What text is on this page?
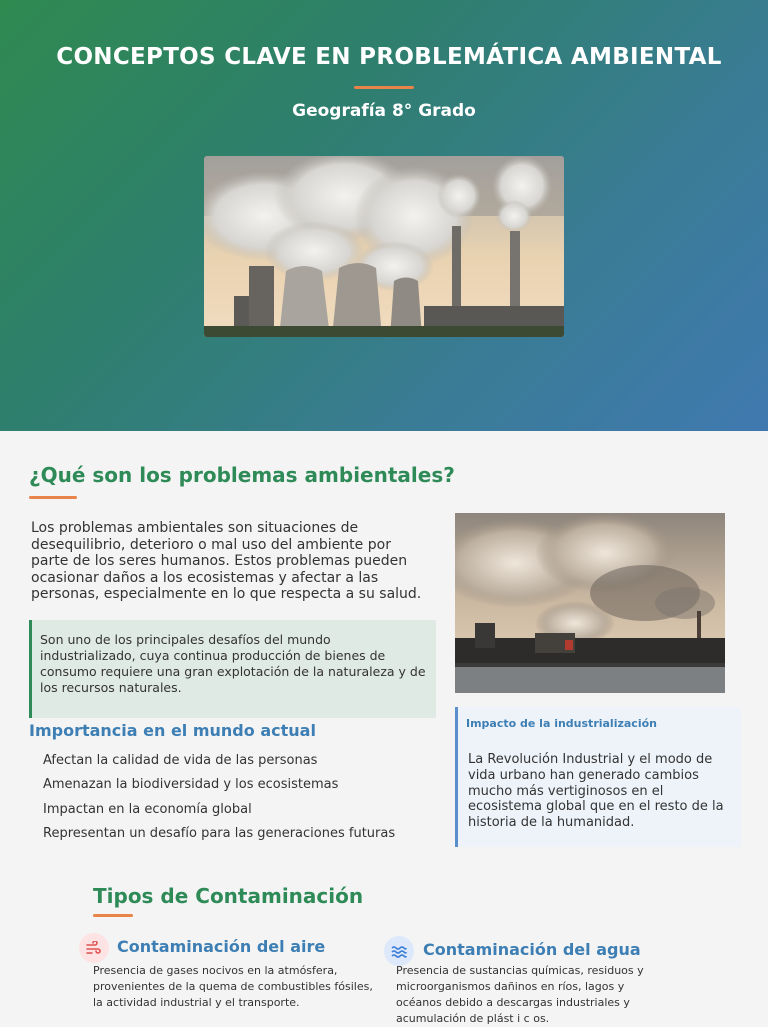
CONCEPTOS CLAVE EN PROBLEMÁTICA AMBIENTAL
Geografía 8° Grado
¿Qué son los problemas ambientales?

Los problemas ambientales son situaciones de desequilibrio, deterioro o mal uso del ambiente por parte de los seres humanos. Estos problemas pueden ocasionar daños a los ecosistemas y afectar a las personas, especialmente en lo que respecta a su salud.

Son uno de los principales desafíos del mundo industrializado, cuya continua producción de bienes de consumo requiere una gran explotación de la naturaleza y de los recursos naturales.

Importancia en el mundo actual
Afectan la calidad de vida de las personas
Amenazan la biodiversidad y los ecosistemas
Impactan en la economía global
Representan un desafío para las generaciones futuras
Impacto de la industrialización

La Revolución Industrial y el modo de vida urbano han generado cambios mucho más vertiginosos en el ecosistema global que en el resto de la historia de la humanidad.

Tipos de Contaminación
Contaminación del aire

Presencia de gases nocivos en la atmósfera, provenientes de la quema de combustibles fósiles, la actividad industrial y el transporte.

Contaminación del agua

Presencia de sustancias químicas, residuos y microorganismos dañinos en ríos, lagos y océanos debido a descargas industriales y acumulación de plást i c os.
